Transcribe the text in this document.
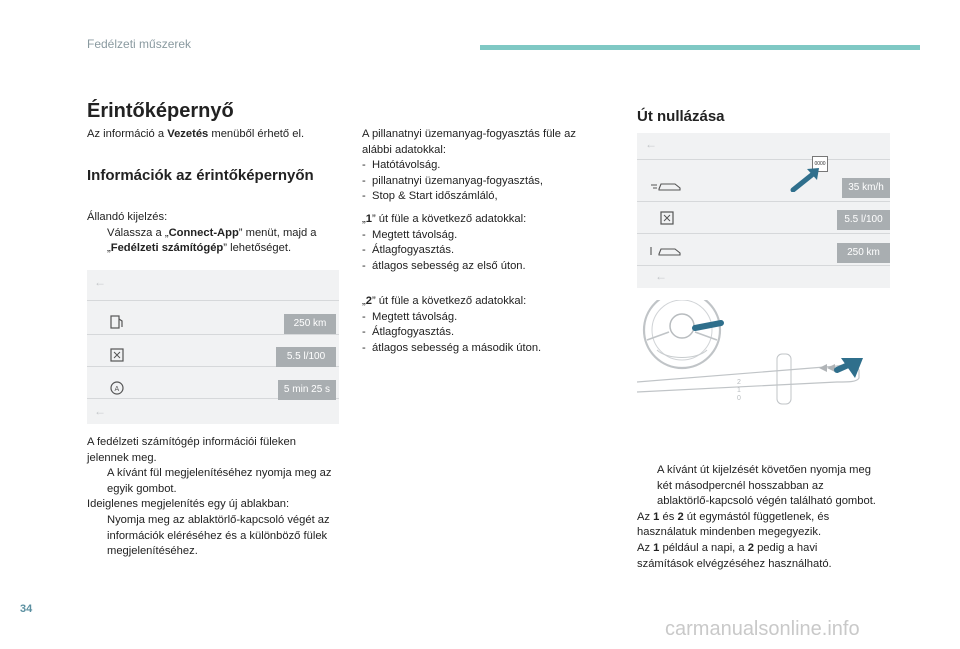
Fedélzeti műszerek
Érintőképernyő

Az információ a Vezetés menüből érhető el.

Információk az érintőképernyőn

Állandó kijelzés:

Válassza a „Connect-App” menüt, majd a „Fedélzeti számítógép” lehetőséget.
←
←
250 km
5.5 l/100
A	5 min 25 s

A fedélzeti számítógép információi füleken jelennek meg.

A kívánt fül megjelenítéséhez nyomja meg az egyik gombot.

Ideiglenes megjelenítés egy új ablakban:

Nyomja meg az ablaktörlő-kapcsoló végét az információk eléréséhez és a különböző fülek megjelenítéséhez.

A pillanatnyi üzemanyag-fogyasztás füle az alábbi adatokkal:

- Hatótávolság.
- pillanatnyi üzemanyag-fogyasztás,
- Stop & Start időszámláló,

„1” út füle a következő adatokkal:

- Megtett távolság.
- Átlagfogyasztás.
- átlagos sebesség az első úton.

„2” út füle a következő adatokkal:

- Megtett távolság.
- Átlagfogyasztás.
- átlagos sebesség a második úton.
Út nullázása
←
0000
←
35 km/h
5.5 l/100
250 km
1
0
2
A kívánt út kijelzését követően nyomja meg két másodpercnél hosszabban az ablaktörlő-kapcsoló végén található gombot.

Az 1 és 2 út egymástól függetlenek, és használatuk mindenben megegyezik.

Az 1 például a napi, a 2 pedig a havi számítások elvégzéséhez használható.

34
carmanualsonline.info
